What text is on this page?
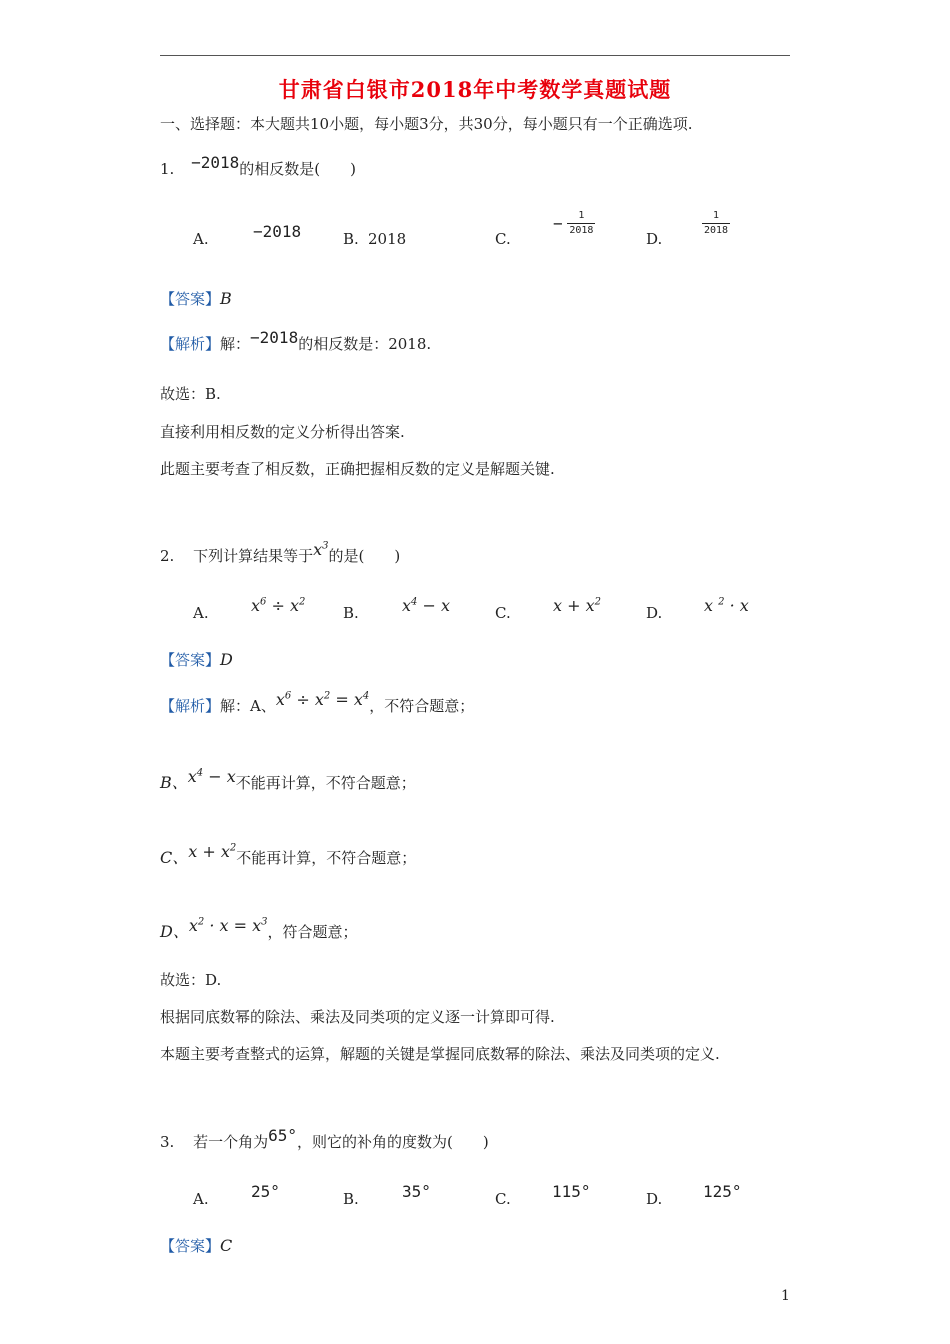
甘肃省白银市2018年中考数学真题试题
一、选择题：本大题共10小题，每小题3分，共30分，每小题只有一个正确选项.
1. −2018的相反数是(　　)
A.	−2018	B. 2018	C.
− $\frac{1}{2018}$
D.
$\frac{1}{2018}$
【答案】B
【解析】解：−2018的相反数是：2018.
故选：B.
直接利用相反数的定义分析得出答案.
此题主要考查了相反数，正确把握相反数的定义是解题关键.
2. 下列计算结果等于$x^3$的是(　　)
A.	$x^6 \div x^2$
B.	$x^4 - x$	C.	$x + x^2$
D.	x $^2$ · x
【答案】D
【解析】解：A、$x^6 \div x^2 = x^4$，不符合题意；
B、$x^4 - x$不能再计算，不符合题意；
C、$x + x^2$不能再计算，不符合题意；
D、$x^2 \cdot x = x^3$，符合题意；
故选：D.
根据同底数幂的除法、乘法及同类项的定义逐一计算即可得.
本题主要考查整式的运算，解题的关键是掌握同底数幂的除法、乘法及同类项的定义.
3. 若一个角为65°，则它的补角的度数为(　　)
A.	25°	B.	35°	C.	115°	D.	125°
【答案】C
1
